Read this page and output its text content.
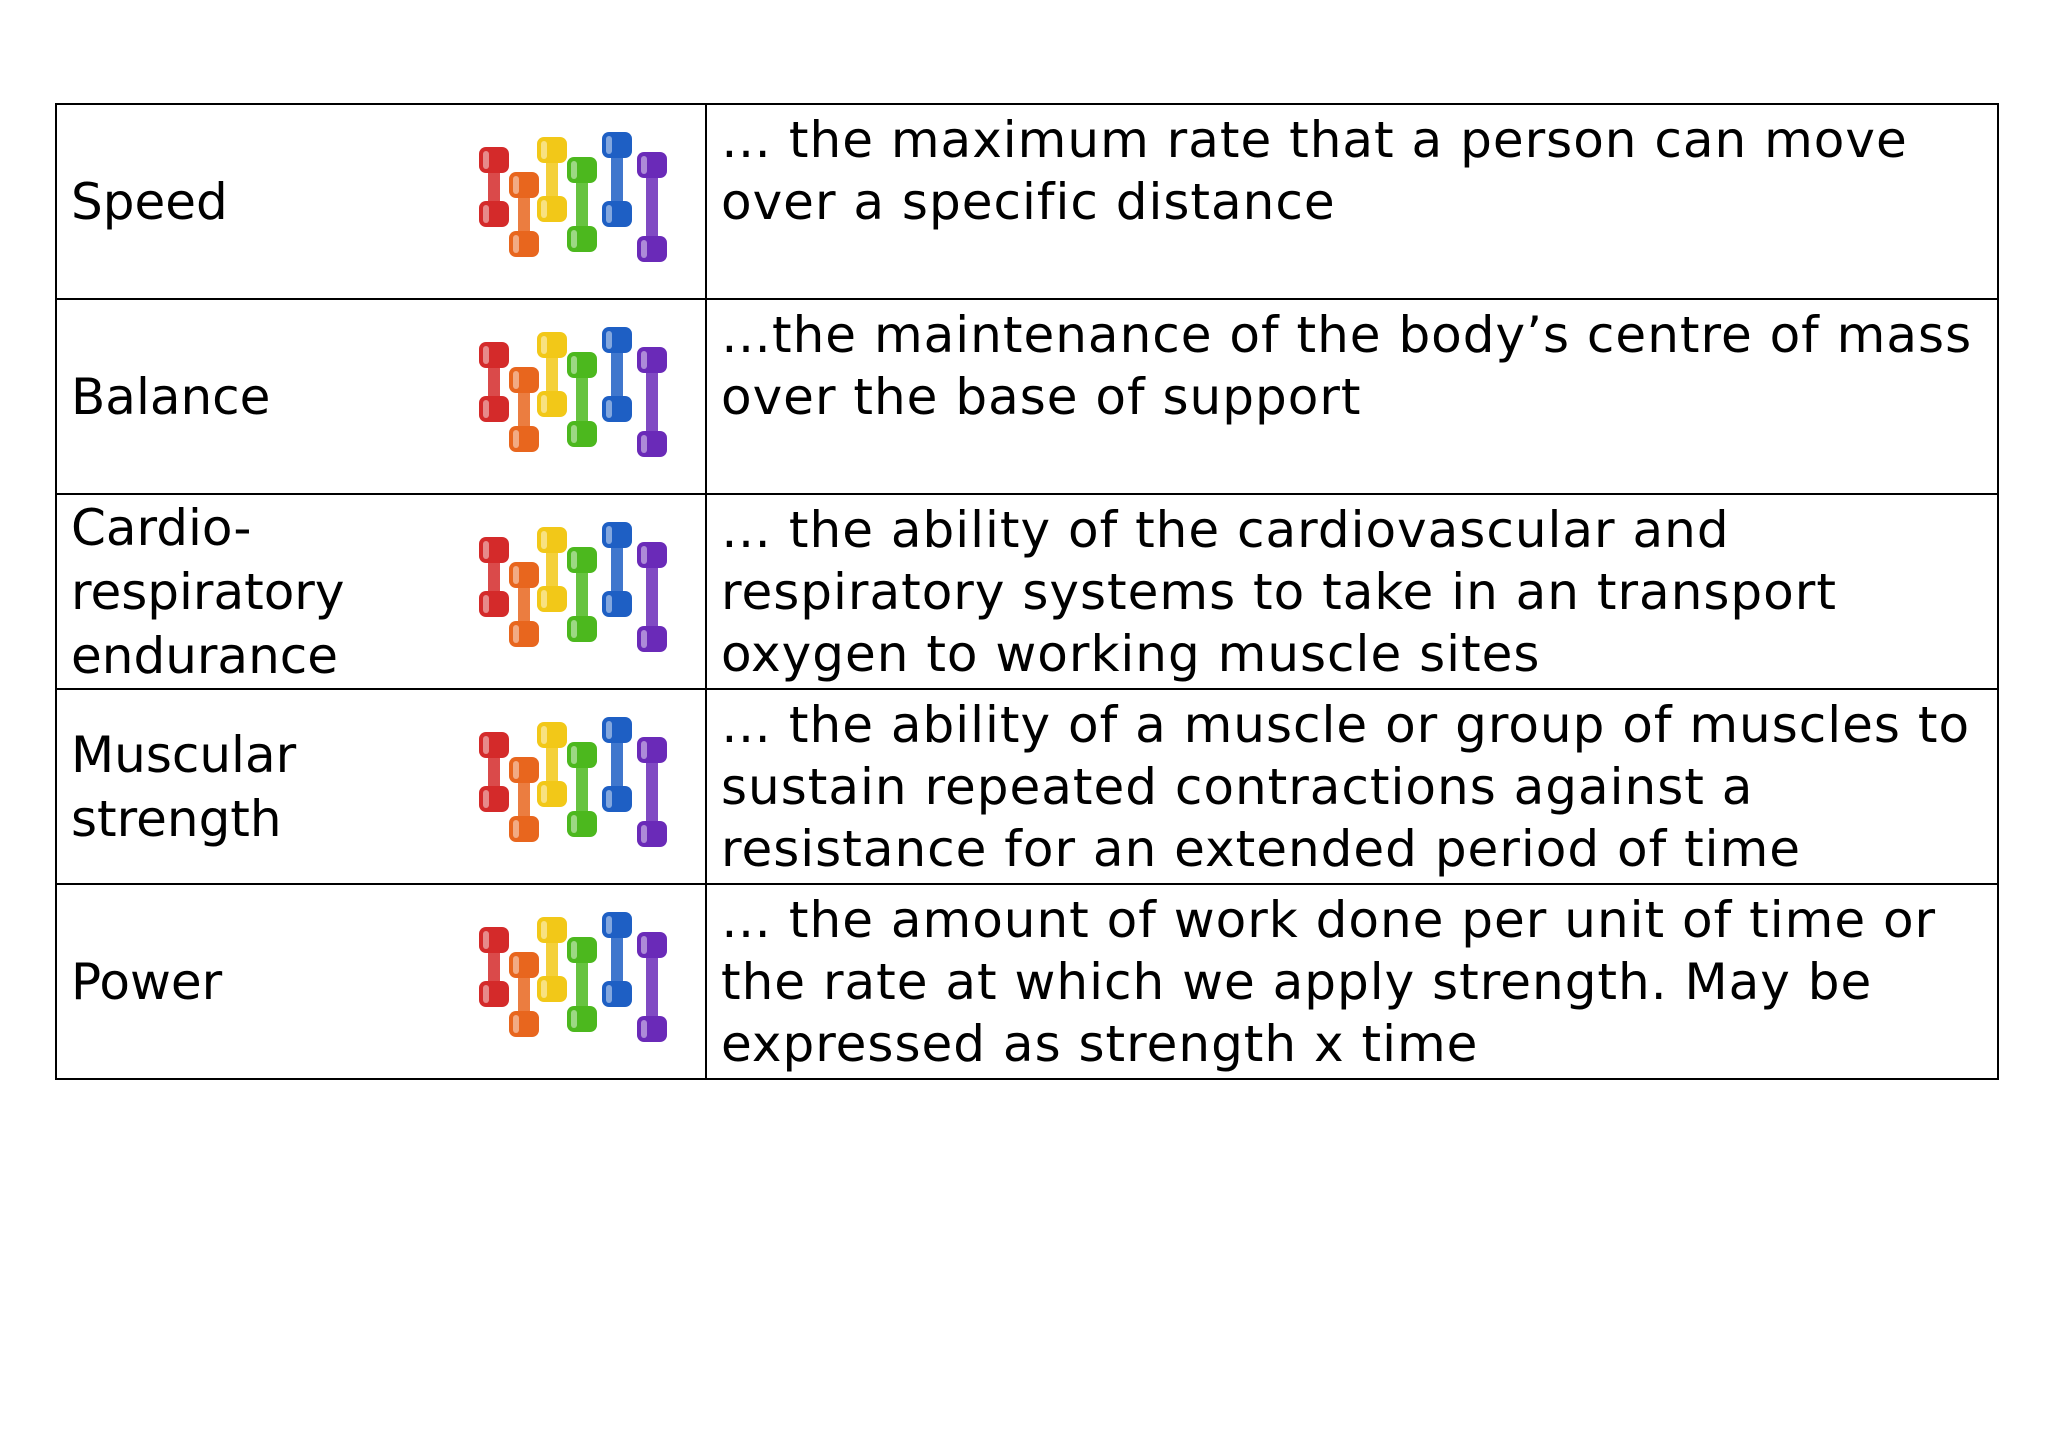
Speed	… the maximum rate that a person can move over a specific distance

Balance	…the maintenance of the body’s centre of mass over the base of support

Cardio-
respiratory
endurance	… the ability of the cardiovascular and respiratory systems to take in an transport oxygen to working muscle sites

Muscular
strength	… the ability of a muscle or group of muscles to sustain repeated contractions against a resistance for an extended period of time

Power	… the amount of work done per unit of time or the rate at which we apply strength. May be expressed as strength x time
